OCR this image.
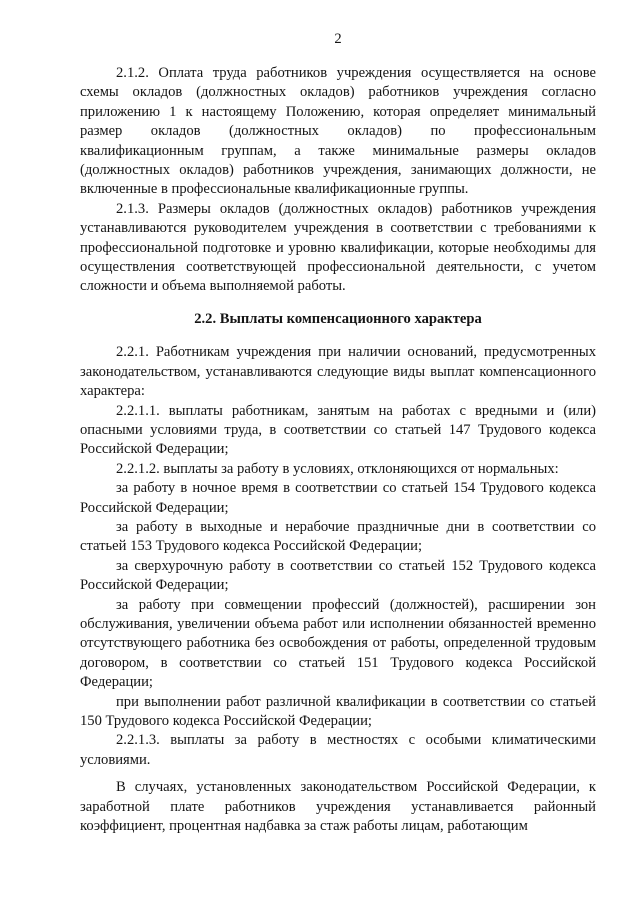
2

2.1.2. Оплата труда работников учреждения осуществляется на основе схемы окладов (должностных окладов) работников учреждения согласно приложению 1 к настоящему Положению, которая определяет минимальный размер окладов (должностных окладов) по профессиональным квалификационным группам, а также минимальные размеры окладов (должностных окладов) работников учреждения, занимающих должности, не включенные в профессиональные квалификационные группы.

2.1.3. Размеры окладов (должностных окладов) работников учреждения устанавливаются руководителем учреждения в соответствии с требованиями к профессиональной подготовке и уровню квалификации, которые необходимы для осуществления соответствующей профессиональной деятельности, с учетом сложности и объема выполняемой работы.

2.2. Выплаты компенсационного характера

2.2.1. Работникам учреждения при наличии оснований, предусмотренных законодательством, устанавливаются следующие виды выплат компенсационного характера:

2.2.1.1. выплаты работникам, занятым на работах с вредными и (или) опасными условиями труда, в соответствии со статьей 147 Трудового кодекса Российской Федерации;

2.2.1.2. выплаты за работу в условиях, отклоняющихся от нормальных:

за работу в ночное время в соответствии со статьей 154 Трудового кодекса Российской Федерации;

за работу в выходные и нерабочие праздничные дни в соответствии со статьей 153 Трудового кодекса Российской Федерации;

за сверхурочную работу в соответствии со статьей 152 Трудового кодекса Российской Федерации;

за работу при совмещении профессий (должностей), расширении зон обслуживания, увеличении объема работ или исполнении обязанностей временно отсутствующего работника без освобождения от работы, определенной трудовым договором, в соответствии со статьей 151 Трудового кодекса Российской Федерации;

при выполнении работ различной квалификации в соответствии со статьей 150 Трудового кодекса Российской Федерации;

2.2.1.3. выплаты за работу в местностях с особыми климатическими условиями.

В случаях, установленных законодательством Российской Федерации, к заработной плате работников учреждения устанавливается районный коэффициент, процентная надбавка за стаж работы лицам, работающим
